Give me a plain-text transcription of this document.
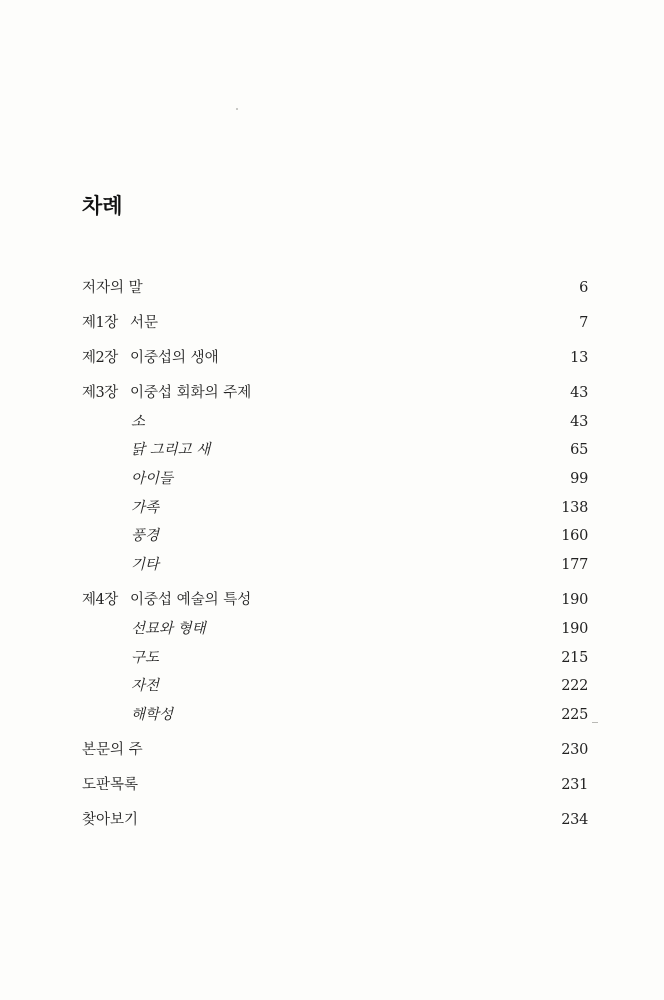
차례
저자의 말	6
제1장 서문	7
제2장 이중섭의 생애	13
제3장 이중섭 회화의 주제	43
소	43
닭 그리고 새	65
아이들	99
가족	138
풍경	160
기타	177
제4장 이중섭 예술의 특성	190
선묘와 형태	190
구도	215
자전	222
해학성	225
본문의 주	230
도판목록	231
찾아보기	234
